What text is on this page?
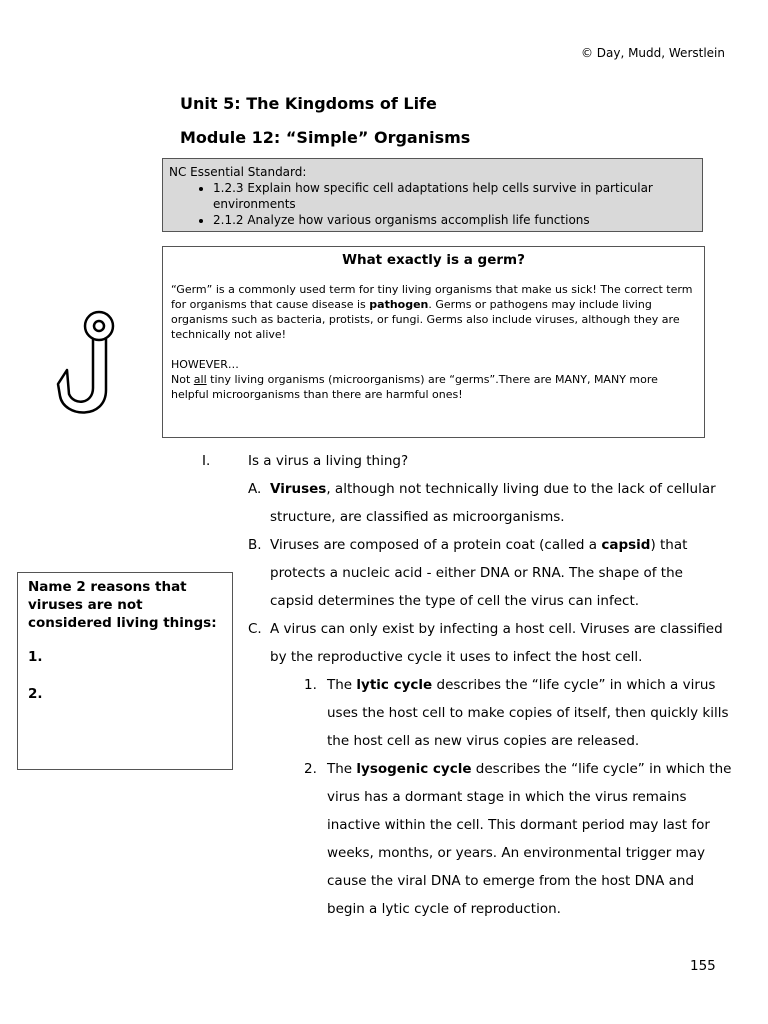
© Day, Mudd, Werstlein
Unit 5: The Kingdoms of Life
Module 12: “Simple” Organisms
NC Essential Standard:
• 1.2.3 Explain how specific cell adaptations help cells survive in particular environments
• 2.1.2 Analyze how various organisms accomplish life functions
What exactly is a germ?

“Germ” is a commonly used term for tiny living organisms that make us sick! The correct term for organisms that cause disease is pathogen. Germs or pathogens may include living organisms such as bacteria, protists, or fungi. Germs also include viruses, although they are technically not alive!

HOWEVER…

Not all tiny living organisms (microorganisms) are “germs”.There are MANY, MANY more helpful microorganisms than there are harmful ones!

Name 2 reasons that viruses are not considered living things:
1.
2.
I.	Is a virus a living thing?
A. Viruses, although not technically living due to the lack of cellular
structure, are classified as microorganisms.
B. Viruses are composed of a protein coat (called a capsid) that
protects a nucleic acid - either DNA or RNA. The shape of the
capsid determines the type of cell the virus can infect.
C. A virus can only exist by infecting a host cell. Viruses are classified
by the reproductive cycle it uses to infect the host cell.
1. The lytic cycle describes the “life cycle” in which a virus
uses the host cell to make copies of itself, then quickly kills
the host cell as new virus copies are released.
2. The lysogenic cycle describes the “life cycle” in which the
virus has a dormant stage in which the virus remains
inactive within the cell. This dormant period may last for
weeks, months, or years. An environmental trigger may
cause the viral DNA to emerge from the host DNA and
begin a lytic cycle of reproduction.
155
